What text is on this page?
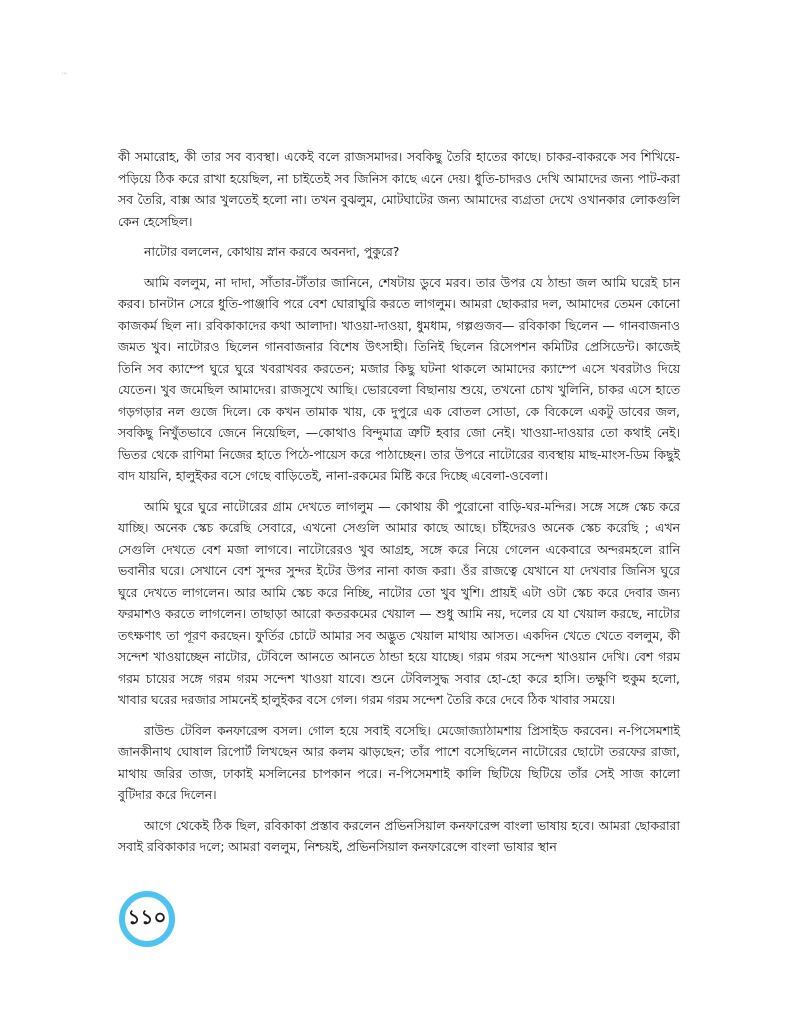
'''

কী সমারোহ, কী তার সব ব্যবস্থা। একেই বলে রাজসমাদর। সবকিছু তৈরি হাতের কাছে। চাকর-বাকরকে সব শিখিয়ে-পড়িয়ে ঠিক করে রাখা হয়েছিল, না চাইতেই সব জিনিস কাছে এনে দেয়। ধুতি-চাদরও দেখি আমাদের জন্য পাট-করা সব তৈরি, বাক্স আর খুলতেই হলো না। তখন বুঝলুম, মোটঘাটের জন্য আমাদের ব্যগ্রতা দেখে ওখানকার লোকগুলি কেন হেসেছিল।

নাটোর বললেন, কোথায় স্নান করবে অবনদা, পুকুরে?

আমি বললুম, না দাদা, সাঁতার-টাঁতার জানিনে, শেষটায় ডুবে মরব। তার উপর যে ঠান্ডা জল আমি ঘরেই চান করব। চানটান সেরে ধুতি-পাঞ্জাবি পরে বেশ ঘোরাঘুরি করতে লাগলুম। আমরা ছোকরার দল, আমাদের তেমন কোনো কাজকর্ম ছিল না। রবিকাকাদের কথা আলাদা। খাওয়া-দাওয়া, ধুমধাম, গল্পগুজব— রবিকাকা ছিলেন — গানবাজনাও জমত খুব। নাটোরও ছিলেন গানবাজনার বিশেষ উৎসাহী। তিনিই ছিলেন রিসেপশন কমিটির প্রেসিডেন্ট। কাজেই তিনি সব ক্যাম্পে ঘুরে ঘুরে খবরাখবর করতেন; মজার কিছু ঘটনা থাকলে আমাদের ক্যাম্পে এসে খবরটাও দিয়ে যেতেন। খুব জমেছিল আমাদের। রাজসুখে আছি। ভোরবেলা বিছানায় শুয়ে, তখনো চোখ খুলিনি, চাকর এসে হাতে গড়গড়ার নল গুজে দিলে। কে কখন তামাক খায়, কে দুপুরে এক বোতল সোডা, কে বিকেলে একটু ডাবের জল, সবকিছু নিখুঁতভাবে জেনে নিয়েছিল, —কোথাও বিন্দুমাত্র ত্রুটি হবার জো নেই। খাওয়া-দাওয়ার তো কথাই নেই। ভিতর থেকে রাণিমা নিজের হাতে পিঠে-পায়েস করে পাঠাচ্ছেন। তার উপরে নাটোরের ব্যবস্থায় মাছ-মাংস-ডিম কিছুই বাদ যায়নি, হালুইকর বসে গেছে বাড়িতেই, নানা-রকমের মিষ্টি করে দিচ্ছে এবেলা-ওবেলা।

আমি ঘুরে ঘুরে নাটোরের গ্রাম দেখতে লাগলুম — কোথায় কী পুরোনো বাড়ি-ঘর-মন্দির। সঙ্গে সঙ্গে স্কেচ করে যাচ্ছি। অনেক স্কেচ করেছি সেবারে, এখনো সেগুলি আমার কাছে আছে। চাঁইদেরও অনেক স্কেচ করেছি ; এখন সেগুলি দেখতে বেশ মজা লাগবে। নাটোরেরও খুব আগ্রহ, সঙ্গে করে নিয়ে গেলেন একেবারে অন্দরমহলে রানি ভবানীর ঘরে। সেখানে বেশ সুন্দর সুন্দর ইটের উপর নানা কাজ করা। ওঁর রাজত্বে যেখানে যা দেখবার জিনিস ঘুরে ঘুরে দেখতে লাগলেন। আর আমি স্কেচ করে নিচ্ছি, নাটোর তো খুব খুশি। প্রায়ই এটা ওটা স্কেচ করে দেবার জন্য ফরমাশও করতে লাগলেন। তাছাড়া আরো কতরকমের খেয়াল — শুধু আমি নয়, দলের যে যা খেয়াল করছে, নাটোর তৎক্ষণাৎ তা পূরণ করছেন। ফুর্তির চোটে আমার সব অদ্ভুত খেয়াল মাথায় আসত। একদিন খেতে খেতে বললুম, কী সন্দেশ খাওয়াচ্ছেন নাটোর, টেবিলে আনতে আনতে ঠান্ডা হয়ে যাচ্ছে। গরম গরম সন্দেশ খাওয়ান দেখি। বেশ গরম গরম চায়ের সঙ্গে গরম গরম সন্দেশ খাওয়া যাবে। শুনে টেবিলসুদ্ধ সবার হো-হো করে হাসি। তক্ষুণি হুকুম হলো, খাবার ঘরের দরজার সামনেই হালুইকর বসে গেল। গরম গরম সন্দেশ তৈরি করে দেবে ঠিক খাবার সময়ে।

রাউন্ড টেবিল কনফারেন্স বসল। গোল হয়ে সবাই বসেছি। মেজোজ্যাঠামশায় প্রিসাইড করবেন। ন-পিসেমশাই জানকীনাথ ঘোষাল রিপোর্ট লিখছেন আর কলম ঝাড়ছেন; তাঁর পাশে বসেছিলেন নাটোরের ছোটো তরফের রাজা, মাথায় জরির তাজ, ঢাকাই মসলিনের চাপকান পরে। ন-পিসেমশাই কালি ছিটিয়ে ছিটিয়ে তাঁর সেই সাজ কালো বুটিদার করে দিলেন।

আগে থেকেই ঠিক ছিল, রবিকাকা প্রস্তাব করলেন প্রভিনসিয়াল কনফারেন্স বাংলা ভাষায় হবে। আমরা ছোকরারা সবাই রবিকাকার দলে; আমরা বললুম, নিশ্চয়ই, প্রভিনসিয়াল কনফারেন্সে বাংলা ভাষার স্থান

১১০
